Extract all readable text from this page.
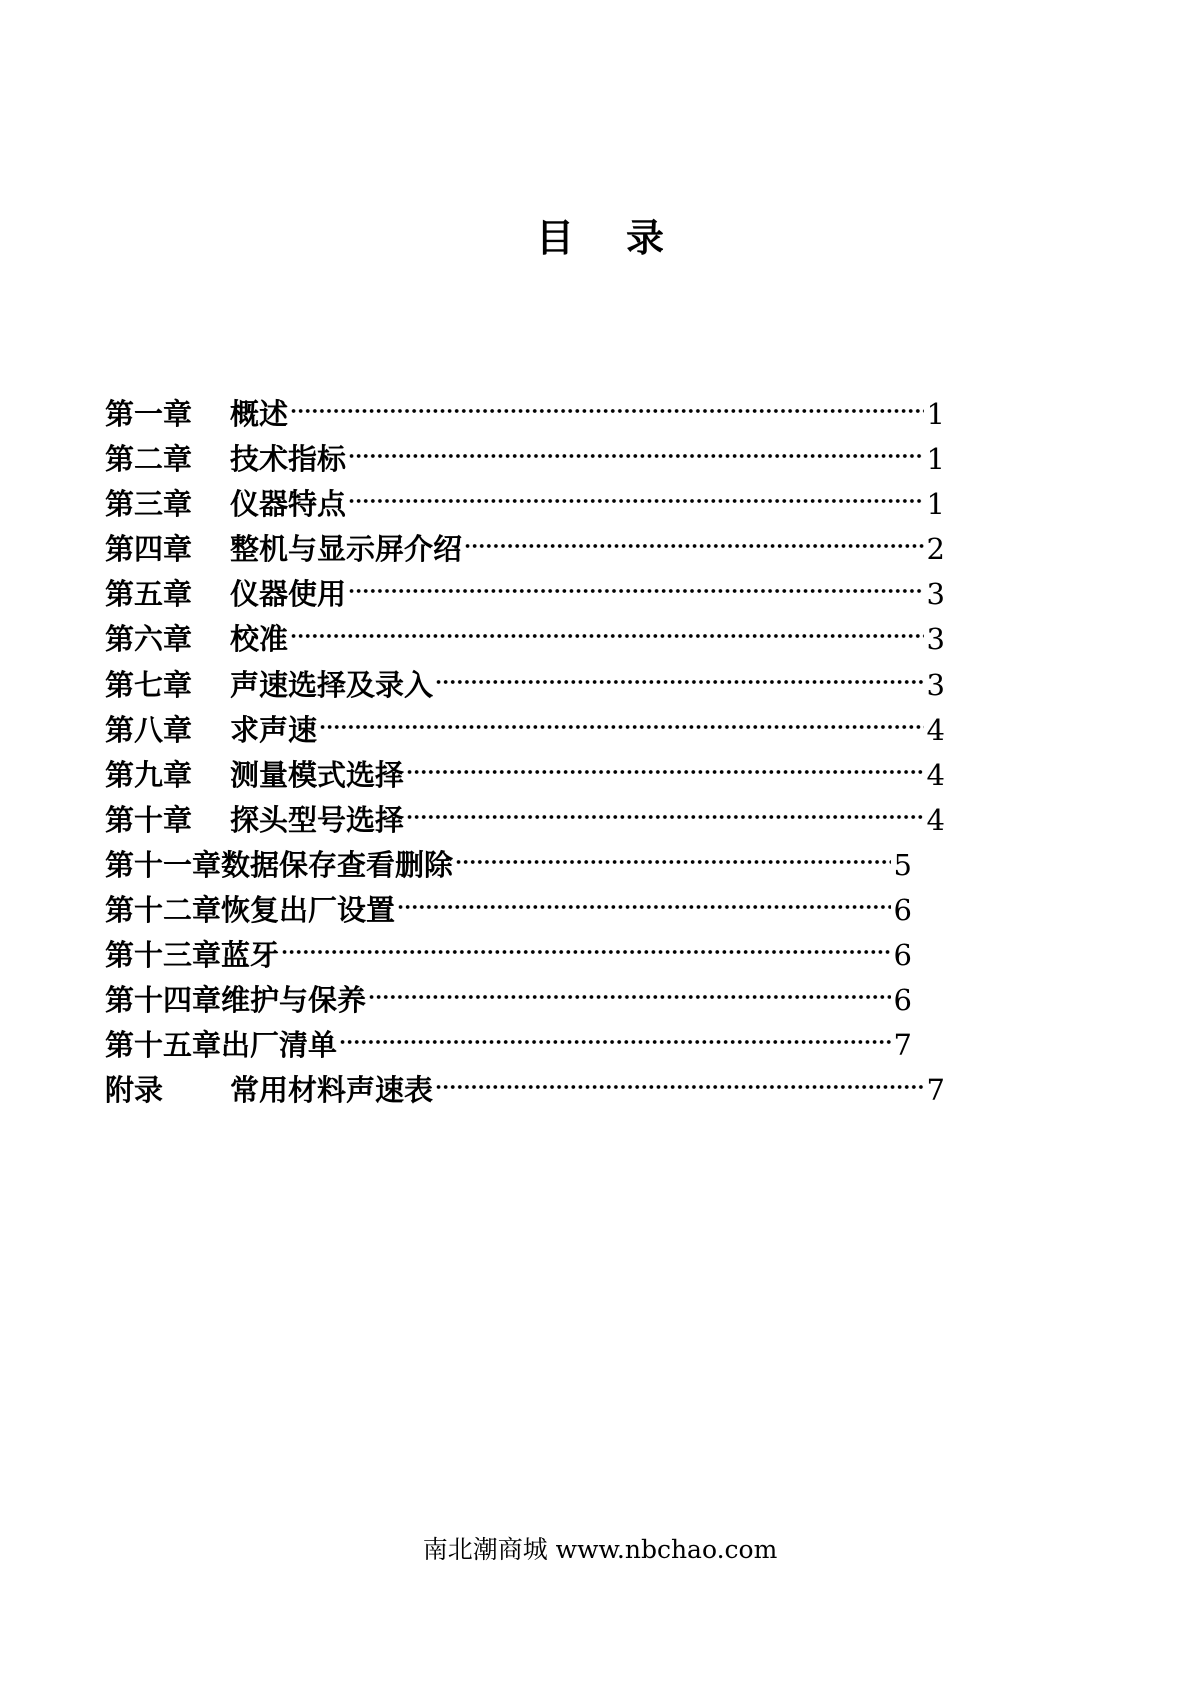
目 录
第一章	概述	1
第二章	技术指标	1
第三章	仪器特点	1
第四章	整机与显示屏介绍	2
第五章	仪器使用	3
第六章	校准	3
第七章	声速选择及录入	3
第八章	求声速	4
第九章	测量模式选择	4
第十章	探头型号选择	4
第十一章 数据保存查看删除	5
第十二章 恢复出厂设置	6
第十三章 蓝牙	6
第十四章 维护与保养	6
第十五章 出厂清单	7
附录	常用材料声速表	7
南北潮商城 www.nbchao.com
